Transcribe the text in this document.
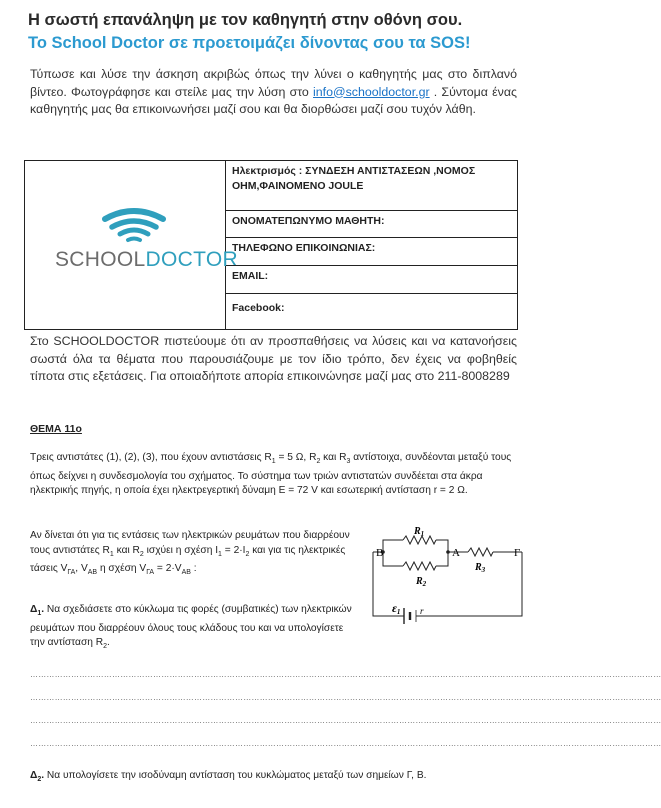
Η σωστή επανάληψη με τον καθηγητή στην οθόνη σου.
Το School Doctor σε προετοιμάζει δίνοντας σου τα SOS!
Τύπωσε και λύσε την άσκηση ακριβώς όπως την λύνει ο καθηγητής μας στο διπλανό βίντεο. Φωτογράφησε και στείλε μας την λύση στο info@schooldoctor.gr . Σύντομα ένας καθηγητής μας θα επικοινωνήσει μαζί σου και θα διορθώσει μαζί σου τυχόν λάθη.
SCHOOLDOCTOR
Ηλεκτρισμός : ΣΥΝΔΕΣΗ ΑΝΤΙΣΤΑΣΕΩΝ ,ΝΟΜΟΣ ΟΗΜ,ΦΑΙΝΟΜΕΝΟ JOULE
ΟΝΟΜΑΤΕΠΩΝΥΜΟ ΜΑΘΗΤΗ:
ΤΗΛΕΦΩΝΟ ΕΠΙΚΟΙΝΩΝΙΑΣ:
EMAIL:
Facebook:
Στο SCHOOLDOCTOR πιστεύουμε ότι αν προσπαθήσεις να λύσεις και να κατανοήσεις σωστά όλα τα θέματα που παρουσιάζουμε με τον ίδιο τρόπο, δεν έχεις να φοβηθείς τίποτα στις εξετάσεις. Για οποιαδήποτε απορία επικοινώνησε μαζί μας στο 211-8008289
ΘΕΜΑ 11ο
Τρεις αντιστάτες (1), (2), (3), που έχουν αντιστάσεις $R_1 = 5$ Ω, $R_2$ και $R_3$ αντίστοιχα, συνδέονται μεταξύ τους όπως δείχνει η συνδεσμολογία του σχήματος. Το σύστημα των τριών αντιστατών συνδέεται στα άκρα ηλεκτρικής πηγής, η οποία έχει ηλεκτρεγερτική δύναμη Ε = 72 V και εσωτερική αντίσταση r = 2 Ω.
Αν δίνεται ότι για τις εντάσεις των ηλεκτρικών ρευμάτων που διαρρέουν τους αντιστάτες $R_1$ και $R_2$ ισχύει η σχέση $I_1 = 2\cdot I_2$ και για τις ηλεκτρικές τάσεις $V_{\Gamma A}$, $V_{AB}$ η σχέση $V_{\Gamma A} = 2\cdot V_{AB}$ :
$\Delta_1$. Να σχεδιάσετε στο κύκλωμα τις φορές (συμβατικές) των ηλεκτρικών ρευμάτων που διαρρέουν όλους τους κλάδους του και να υπολογίσετε την αντίσταση $R_2$.
……………………………………………………………………………………………………………………………………………………………………………………………………………
……………………………………………………………………………………………………………………………………………………………………………………………………………
……………………………………………………………………………………………………………………………………………………………………………………………………………
……………………………………………………………………………………………………………………………………………………………………………………………………………
$\Delta_2$. Να υπολογίσετε την ισοδύναμη αντίσταση του κυκλώματος μεταξύ των σημείων Γ, Β.
Β	Α	Γ
$R_1$
$R_2$
$R_3$
ε1 r
